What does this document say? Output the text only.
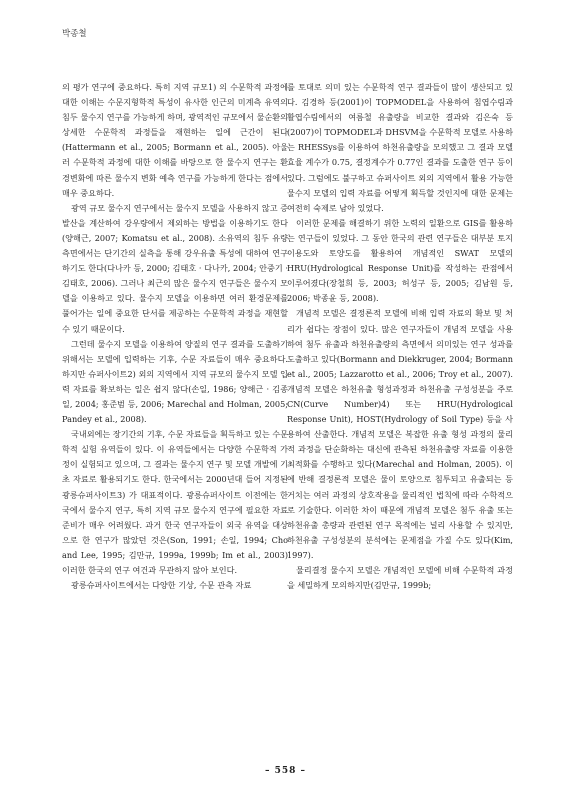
박종철

의 평가 연구에 중요하다. 특히 지역 규모1) 의 수문학적 과정에 대한 이해는 수문지형학적 특성이 유사한 인근의 미계측 유역의 침두 물수지 연구를 가능하게 하며, 광역적인 규모에서 물순환의 상세한 수문학적 과정들을 재현하는 일에 근간이 된다(Hattermann et al., 2005; Bormann et al., 2005). 아울러 수문학적 과정에 대한 이해를 바탕으로 한 물수지 연구는 환경변화에 따른 물수지 변화 예측 연구를 가능하게 한다는 점에서 매우 중요하다.

광역 규모 물수지 연구에서는 물수지 모델을 사용하지 않고 증발산을 계산하여 강우량에서 제외하는 방법을 이용하기도 한다(양해근, 2007; Komatsu et al., 2008). 소유역의 침두 유량 측면에서는 단기간의 실측을 통해 강우유출 특성에 대하여 연구하기도 한다(다나카 등, 2000; 김태호 · 다나카, 2004; 안중기 · 김태호, 2006). 그러나 최근의 많은 물수지 연구들은 물수지 모델을 이용하고 있다. 물수지 모델을 이용하면 여러 환경문제를 풀어가는 일에 중요한 단서를 제공하는 수문학적 과정을 재현할 수 있기 때문이다.

그런데 물수지 모델을 이용하여 양질의 연구 결과를 도출하기 위해서는 모델에 입력하는 기후, 수문 자료들이 매우 중요하다. 하지만 슈퍼사이트2) 외의 지역에서 지역 규모의 물수지 모델 입력 자료를 확보하는 일은 쉽지 않다(손일, 1986; 양해근 · 김종일, 2004; 홍준범 등, 2006; Marechal and Holman, 2005; Pandey et al., 2008).

국내외에는 장기간의 기후, 수문 자료들을 획득하고 있는 수문학적 실험 유역들이 있다. 이 유역들에서는 다양한 수문학적 가정이 실험되고 있으며, 그 결과는 물수지 연구 및 모델 개발에 기초 자료로 활용되기도 한다. 한국에서는 2000년대 들어 지정된 광릉슈퍼사이트3) 가 대표적이다. 광릉슈퍼사이트 이전에는 한국에서 물수지 연구, 특히 지역 규모 물수지 연구에 필요한 자료 준비가 매우 어려웠다. 과거 한국 연구자들이 외국 유역을 대상으로 한 연구가 많았던 것은(Son, 1991; 손일, 1994; Cho and Lee, 1995; 김만규, 1999a, 1999b; Im et al., 2003) 이러한 한국의 연구 여건과 무관하지 않아 보인다.

광릉슈퍼사이트에서는 다양한 기상, 수문 관측 자료

를 토대로 의미 있는 수문학적 연구 결과들이 많이 생산되고 있다. 김경하 등(2001)이 TOPMODEL을 사용하여 침엽수림과 활엽수림에서의 여름철 유출량을 비교한 결과와 김은숙 등(2007)이 TOPMODEL과 DHSVM을 수문학적 모델로 사용하는 RHESSys를 이용하여 하천유출량을 모의했고 그 결과 모델 효율 계수가 0.75, 결정계수가 0.77인 결과를 도출한 연구 등이 있다. 그럼에도 불구하고 슈퍼사이트 외의 지역에서 활용 가능한 물수지 모델의 입력 자료를 어떻게 획득할 것인지에 대한 문제는 여전히 숙제로 남아 있었다.

이러한 문제를 해결하기 위한 노력의 일환으로 GIS를 활용하는 연구들이 있었다. 그 동안 한국의 관련 연구들은 대부분 토지이용도와 토양도를 활용하여 개념적인 SWAT 모델의 HRU(Hydrological Response Unit)를 작성하는 관점에서 이루어졌다(장철희 등, 2003; 허성구 등, 2005; 김남원 등, 2006; 박종윤 등, 2008).

개념적 모델은 결정론적 모델에 비해 입력 자료의 확보 및 처리가 쉽다는 장점이 있다. 많은 연구자들이 개념적 모델을 사용하여 첨두 유출과 하천유출량의 측면에서 의미있는 연구 성과를 도출하고 있다(Bormann and Diekkruger, 2004; Bormann et al., 2005; Lazzarotto et al., 2006; Troy et al., 2007). 개념적 모델은 하천유출 형성과정과 하천유출 구성성분을 주로 CN(Curve Number)4) 또는 HRU(Hydrological Response Unit), HOST(Hydrology of Soil Type) 등을 사용하여 산출한다. 개념적 모델은 복잡한 유출 형성 과정의 물리적 과정을 단순화하는 대신에 관측된 하천유출량 자료를 이용한 최적화를 수행하고 있다(Marechal and Holman, 2005). 이에 반해 결정론적 모델은 물이 토양으로 침투되고 유출되는 등 거치는 여러 과정의 상호작용을 물리적인 법칙에 따라 수학적으로 기술한다. 이러한 차이 때문에 개념적 모델은 첨두 유출 또는 하천유출 총량과 관련된 연구 목적에는 널리 사용할 수 있지만, 하천유출 구성성분의 분석에는 문제점을 가질 수도 있다(Kim, 1997).

물리결정 물수지 모델은 개념적인 모델에 비해 수문학적 과정을 세밀하게 모의하지만(김만규, 1999b;

– 558 –
